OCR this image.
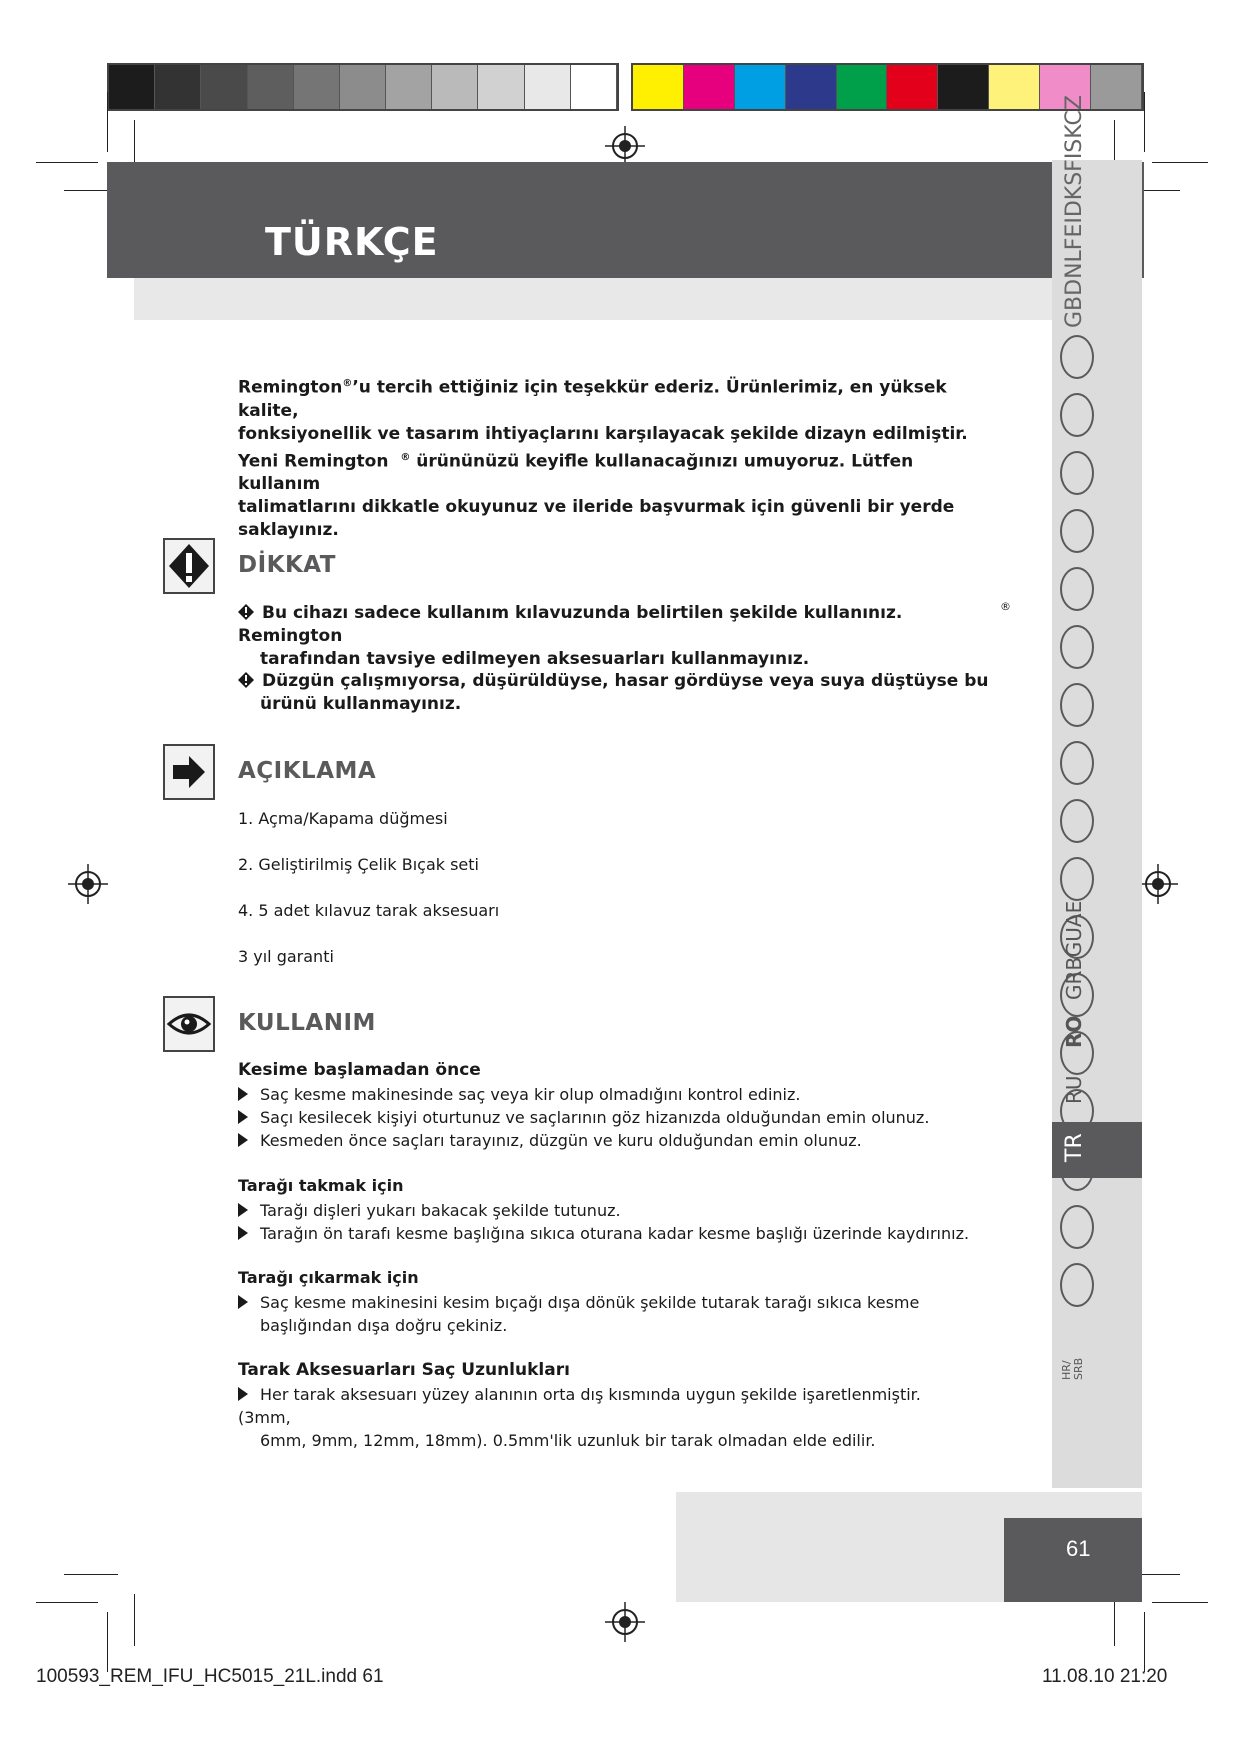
TÜRKÇE	GBDNLFEIDKSFISKCZ
GRBGUAE
RO
RU
TR
HR/ SRB
61
Remington®’u tercih ettiğiniz için teşekkür ederiz. Ürünlerimiz, en yüksek kalite,
fonksiyonellik ve tasarım ihtiyaçlarını karşılayacak şekilde dizayn edilmiştir.
Yeni Remington ® ürününüzü keyifle kullanacağınızı umuyoruz. Lütfen kullanım
talimatlarını dikkatle okuyunuz ve ileride başvurmak için güvenli bir yerde
saklayınız.
DİKKAT
Bu cihazı sadece kullanım kılavuzunda belirtilen şekilde kullanınız. Remington
tarafından tavsiye edilmeyen aksesuarları kullanmayınız.
®
Düzgün çalışmıyorsa, düşürüldüyse, hasar gördüyse veya suya düştüyse bu
ürünü kullanmayınız.
AÇIKLAMA
1. Açma/Kapama düğmesi
2. Geliştirilmiş Çelik Bıçak seti
4. 5 adet kılavuz tarak aksesuarı
3 yıl garanti
KULLANIM
Kesime başlamadan önce
Saç kesme makinesinde saç veya kir olup olmadığını kontrol ediniz.
Saçı kesilecek kişiyi oturtunuz ve saçlarının göz hizanızda olduğundan emin olunuz.
Kesmeden önce saçları tarayınız, düzgün ve kuru olduğundan emin olunuz.
Tarağı takmak için
Tarağı dişleri yukarı bakacak şekilde tutunuz.
Tarağın ön tarafı kesme başlığına sıkıca oturana kadar kesme başlığı üzerinde kaydırınız.
Tarağı çıkarmak için
Saç kesme makinesini kesim bıçağı dışa dönük şekilde tutarak tarağı sıkıca kesme
başlığından dışa doğru çekiniz.
Tarak Aksesuarları Saç Uzunlukları
Her tarak aksesuarı yüzey alanının orta dış kısmında uygun şekilde işaretlenmiştir. (3mm,
6mm, 9mm, 12mm, 18mm). 0.5mm'lik uzunluk bir tarak olmadan elde edilir.
100593_REM_IFU_HC5015_21L.indd 61	11.08.10 21:20
